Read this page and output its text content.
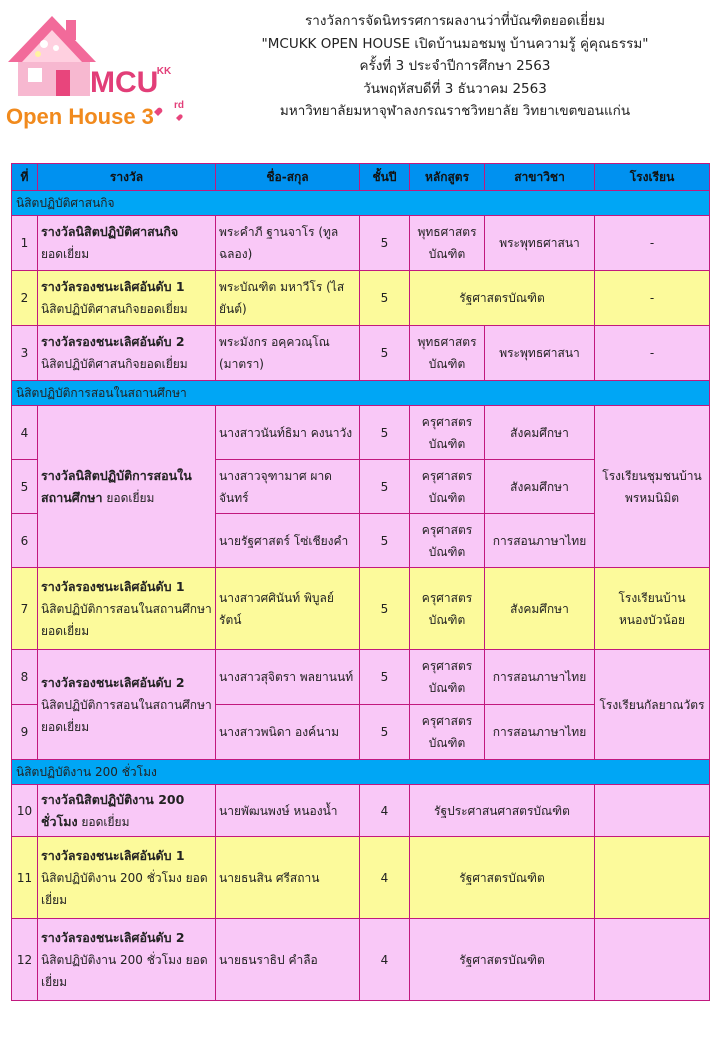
MCU
.KK
Open House 3 rd
รางวัลการจัดนิทรรศการผลงานว่าที่บัณฑิตยอดเยี่ยม
"MCUKK OPEN HOUSE เปิดบ้านมอชมพู บ้านความรู้ คู่คุณธรรม"
ครั้งที่ 3 ประจำปีการศึกษา 2563
วันพฤหัสบดีที่ 3 ธันวาคม 2563
มหาวิทยาลัยมหาจุฬาลงกรณราชวิทยาลัย วิทยาเขตขอนแก่น
ที่	รางวัล	ชื่อ-สกุล	ชั้นปี	หลักสูตร	สาขาวิชา	โรงเรียน
นิสิตปฏิบัติศาสนกิจ						
1	รางวัลนิสิตปฏิบัติศาสนกิจ
ยอดเยี่ยม	พระคำภี ฐานจาโร (ทูลฉลอง)	5	พุทธศาสตรบัณฑิต	พระพุทธศาสนา	-
2	รางวัลรองชนะเลิศอันดับ 1
นิสิตปฏิบัติศาสนกิจยอดเยี่ยม	พระบัณฑิต มหาวีโร (ไสยันต์)	5	รัฐศาสตรบัณฑิต		-
3	รางวัลรองชนะเลิศอันดับ 2
นิสิตปฏิบัติศาสนกิจยอดเยี่ยม	พระมังกร อคฺควณฺโณ (มาตรา)	5	พุทธศาสตรบัณฑิต	พระพุทธศาสนา	-
นิสิตปฏิบัติการสอนในสถานศึกษา						
4	รางวัลนิสิตปฏิบัติการสอนในสถานศึกษา ยอดเยี่ยม	นางสาวนันท์ธิมา คงนาวัง	5	ครุศาสตรบัณฑิต	สังคมศึกษา	โรงเรียนชุมชนบ้านพรหมนิมิต
5		นางสาวจุฑามาศ ผาดจันทร์	5	ครุศาสตรบัณฑิต	สังคมศึกษา	
6		นายรัฐศาสตร์ โซ่เชียงคำ	5	ครุศาสตรบัณฑิต	การสอนภาษาไทย	
7	รางวัลรองชนะเลิศอันดับ 1
นิสิตปฏิบัติการสอนในสถานศึกษา ยอดเยี่ยม	นางสาวศศินันท์ พิบูลย์รัตน์	5	ครุศาสตรบัณฑิต	สังคมศึกษา	โรงเรียนบ้านหนองบัวน้อย
8	รางวัลรองชนะเลิศอันดับ 2
นิสิตปฏิบัติการสอนในสถานศึกษา ยอดเยี่ยม	นางสาวสุจิตรา พลยานนท์	5	ครุศาสตรบัณฑิต	การสอนภาษาไทย	โรงเรียนกัลยาณวัตร
9		นางสาวพนิดา องค์นาม	5	ครุศาสตรบัณฑิต	การสอนภาษาไทย	
นิสิตปฏิบัติงาน 200 ชั่วโมง						
10	รางวัลนิสิตปฏิบัติงาน 200 ชั่วโมง ยอดเยี่ยม	นายพัฒนพงษ์ หนองน้ำ	4	รัฐประศาสนศาสตรบัณฑิต		
11	รางวัลรองชนะเลิศอันดับ 1
นิสิตปฏิบัติงาน 200 ชั่วโมง ยอดเยี่ยม	นายธนสิน ศรีสถาน	4	รัฐศาสตรบัณฑิต		
12	รางวัลรองชนะเลิศอันดับ 2
นิสิตปฏิบัติงาน 200 ชั่วโมง ยอดเยี่ยม	นายธนราธิป คำลือ	4	รัฐศาสตรบัณฑิต		
